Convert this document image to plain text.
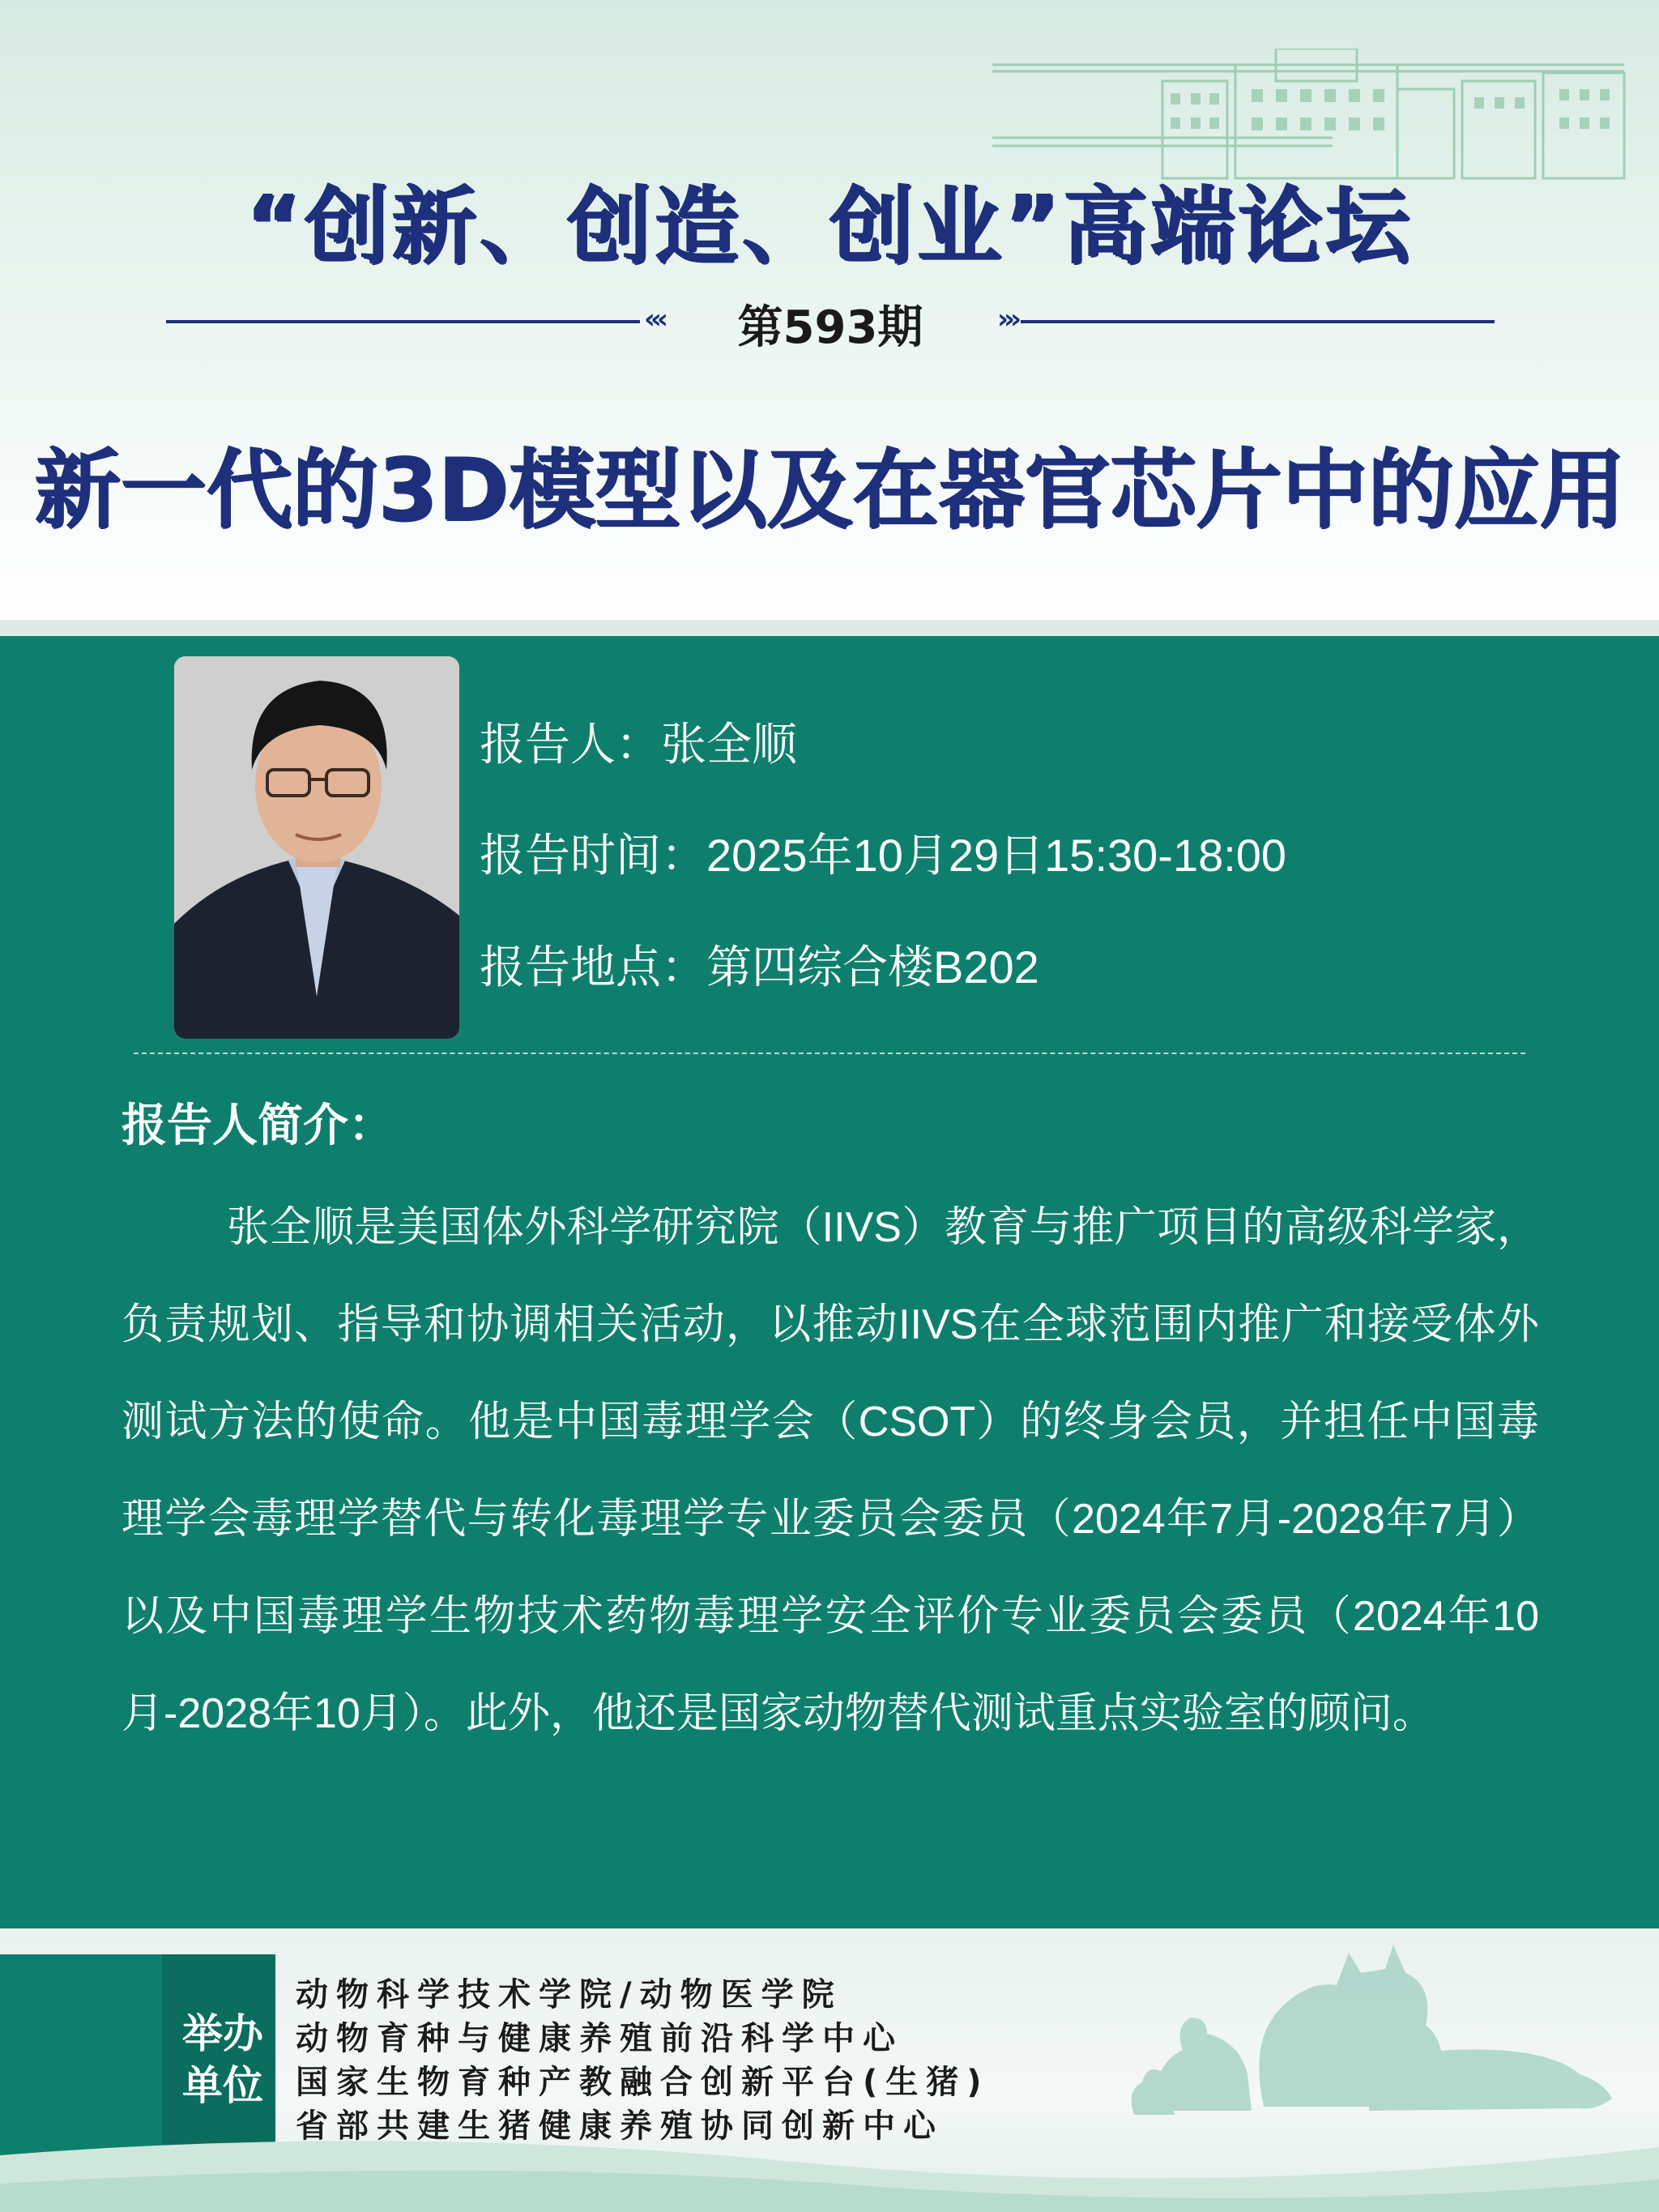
“创新、创造、创业”高端论坛
‹‹‹	第593期	›››
新一代的3D模型以及在器官芯片中的应用
报告人：张全顺
报告时间：2025年10月29日15:30-18:00
报告地点：第四综合楼B202
报告人简介：
张全顺是美国体外科学研究院（IIVS）教育与推广项目的高级科学家，负责规划、指导和协调相关活动，以推动IIVS在全球范围内推广和接受体外测试方法的使命。他是中国毒理学会（CSOT）的终身会员，并担任中国毒理学会毒理学替代与转化毒理学专业委员会委员（2024年7月-2028年7月）以及中国毒理学生物技术药物毒理学安全评价专业委员会委员（2024年10月-2028年10月）。此外，他还是国家动物替代测试重点实验室的顾问。
举办
单位
动物科学技术学院/动物医学院
动物育种与健康养殖前沿科学中心
国家生物育种产教融合创新平台(生猪)
省部共建生猪健康养殖协同创新中心
